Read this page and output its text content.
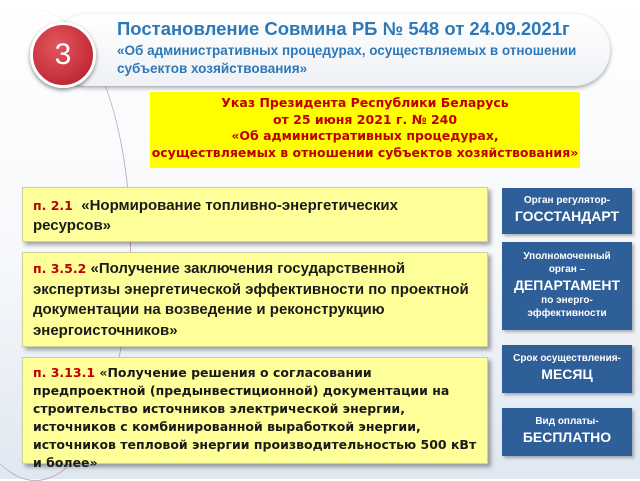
3
Постановление Совмина РБ № 548 от 24.09.2021г
«Об административных процедурах, осуществляемых в отношении субъектов хозяйствования»
Указ Президента Республики Беларусь
от 25 июня 2021 г. № 240
«Об административных процедурах,
осуществляемых в отношении субъектов хозяйствования»
п. 2.1 «Нормирование топливно-энергетических ресурсов»
п. 3.5.2 «Получение заключения государственной экспертизы энергетической эффективности по проектной документации на возведение и реконструкцию энергоисточников»
п. 3.13.1 «Получение решения о согласовании предпроектной (предынвестиционной) документации на строительство источников электрической энергии, источников с комбинированной выработкой энергии, источников тепловой энергии производительностью 500 кВт и более»
Орган регулятор-
ГОССТАНДАРТ
Уполномоченный
орган –
ДЕПАРТАМЕНТ
по энерго-
эффективности
Срок осуществления-
МЕСЯЦ
Вид оплаты-
БЕСПЛАТНО
